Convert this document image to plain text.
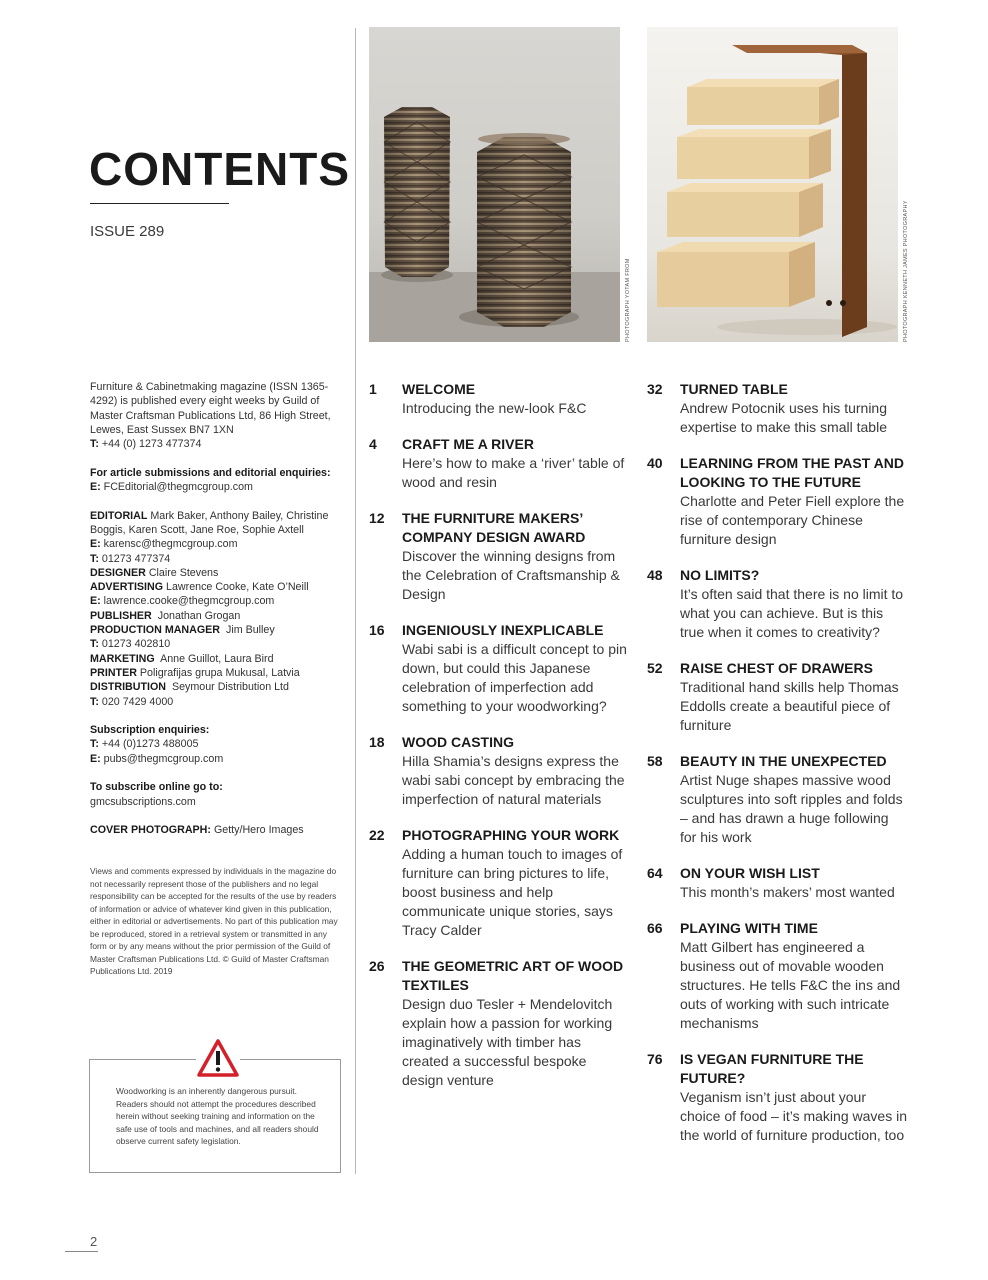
CONTENTS
ISSUE 289
PHOTOGRAPH YOTAM FROM	PHOTOGRAPH KENNETH JAMES PHOTOGRAPHY

Furniture & Cabinetmaking magazine (ISSN 1365-4292) is published every eight weeks by Guild of Master Craftsman Publications Ltd, 86 High Street, Lewes, East Sussex BN7 1XN

T: +44 (0) 1273 477374

For article submissions and editorial enquiries:

E: FCEditorial@thegmcgroup.com

EDITORIAL Mark Baker, Anthony Bailey, Christine Boggis, Karen Scott, Jane Roe, Sophie Axtell

E: karensc@thegmcgroup.com

T: 01273 477374

DESIGNER Claire Stevens

ADVERTISING Lawrence Cooke, Kate O’Neill

E: lawrence.cooke@thegmcgroup.com

PUBLISHER Jonathan Grogan

PRODUCTION MANAGER Jim Bulley

T: 01273 402810

MARKETING Anne Guillot, Laura Bird

PRINTER Poligrafijas grupa Mukusal, Latvia

DISTRIBUTION Seymour Distribution Ltd

T: 020 7429 4000

Subscription enquiries:

T: +44 (0)1273 488005

E: pubs@thegmcgroup.com

To subscribe online go to:

gmcsubscriptions.com

COVER PHOTOGRAPH: Getty/Hero Images

Views and comments expressed by individuals in the magazine do not necessarily represent those of the publishers and no legal responsibility can be accepted for the results of the use by readers of information or advice of whatever kind given in this publication, either in editorial or advertisements. No part of this publication may be reproduced, stored in a retrieval system or transmitted in any form or by any means without the prior permission of the Guild of Master Craftsman Publications Ltd. © Guild of Master Craftsman Publications Ltd. 2019
Woodworking is an inherently dangerous pursuit. Readers should not attempt the procedures described herein without seeking training and information on the safe use of tools and machines, and all readers should observe current safety legislation.
1 WELCOME
Introducing the new-look F&C
4 CRAFT ME A RIVER
Here’s how to make a ‘river’ table of wood and resin
12 THE FURNITURE MAKERS’ COMPANY DESIGN AWARD
Discover the winning designs from the Celebration of Craftsmanship & Design
16 INGENIOUSLY INEXPLICABLE
Wabi sabi is a difficult concept to pin down, but could this Japanese celebration of imperfection add something to your woodworking?
18 WOOD CASTING
Hilla Shamia’s designs express the wabi sabi concept by embracing the imperfection of natural materials
22 PHOTOGRAPHING YOUR WORK
Adding a human touch to images of furniture can bring pictures to life, boost business and help communicate unique stories, says Tracy Calder
26 THE GEOMETRIC ART OF WOOD TEXTILES
Design duo Tesler + Mendelovitch explain how a passion for working imaginatively with timber has created a successful bespoke design venture
32 TURNED TABLE
Andrew Potocnik uses his turning expertise to make this small table
40 LEARNING FROM THE PAST AND LOOKING TO THE FUTURE
Charlotte and Peter Fiell explore the rise of contemporary Chinese furniture design
48 NO LIMITS?
It’s often said that there is no limit to what you can achieve. But is this true when it comes to creativity?
52 RAISE CHEST OF DRAWERS
Traditional hand skills help Thomas Eddolls create a beautiful piece of furniture
58 BEAUTY IN THE UNEXPECTED
Artist Nuge shapes massive wood sculptures into soft ripples and folds – and has drawn a huge following for his work
64 ON YOUR WISH LIST
This month’s makers’ most wanted
66 PLAYING WITH TIME
Matt Gilbert has engineered a business out of movable wooden structures. He tells F&C the ins and outs of working with such intricate mechanisms
76 IS VEGAN FURNITURE THE FUTURE?
Veganism isn’t just about your choice of food – it’s making waves in the world of furniture production, too
2
